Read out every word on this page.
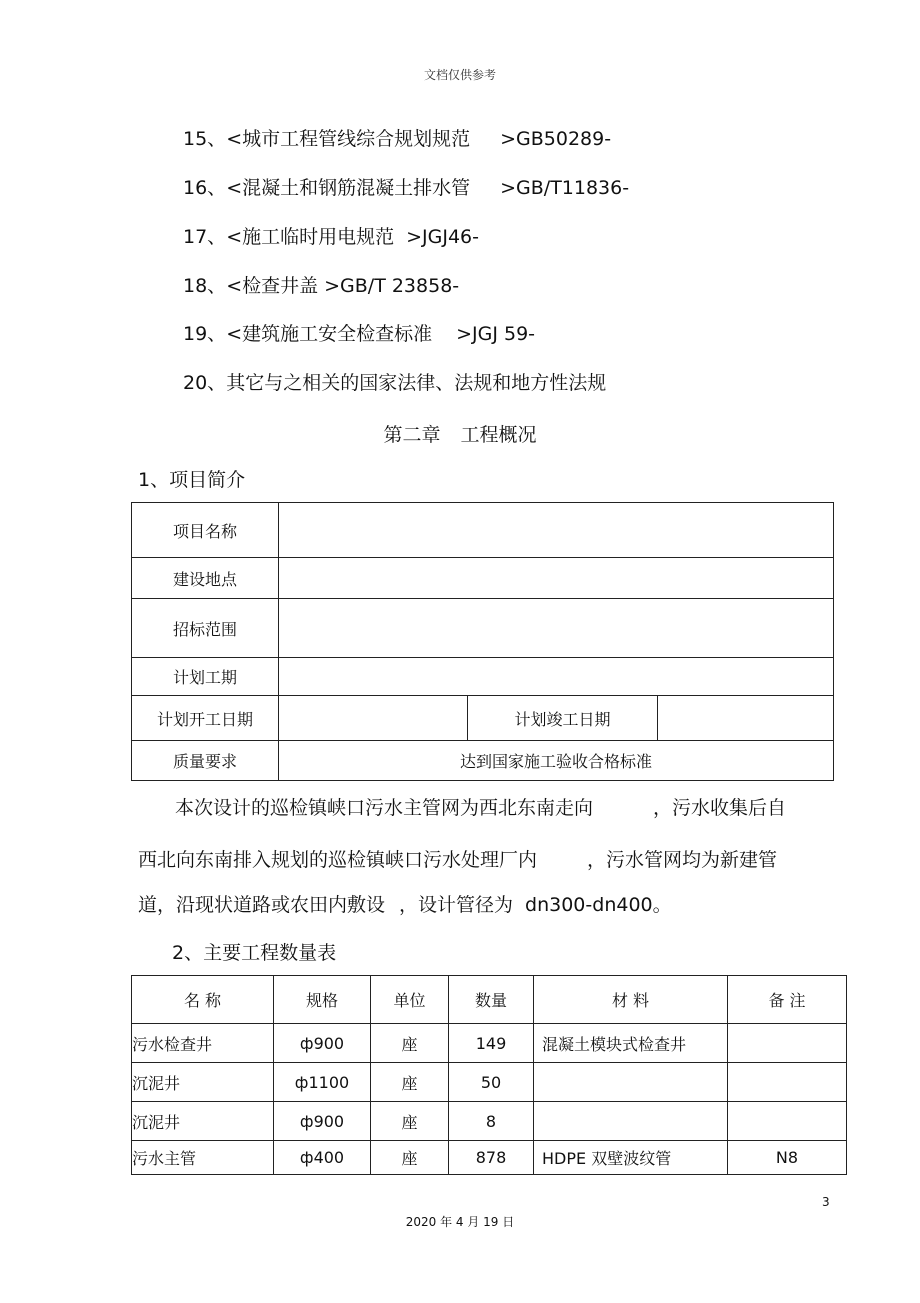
文档仅供参考
15、<城市工程管线综合规划规范 >GB50289-
16、<混凝土和钢筋混凝土排水管 >GB/T11836-
17、<施工临时用电规范 >JGJ46-
18、<检查井盖 >GB/T 23858-
19、<建筑施工安全检查标准 >JGJ 59-
20、其它与之相关的国家法律、法规和地方性法规
第二章 工程概况
1、项目简介
项目名称			
建设地点			
招标范围			
计划工期			
计划开工日期		计划竣工日期	
质量要求	达到国家施工验收合格标准		
本次设计的巡检镇峡口污水主管网为西北东南走向	，污水收集后自
西北向东南排入规划的巡检镇峡口污水处理厂内	，污水管网均为新建管
道，沿现状道路或农田内敷设 ，设计管径为 dn300-dn400。
2、主要工程数量表
名 称	规格	单位	数量	材 料	备 注
污水检查井	ф900	座	149	混凝土模块式检查井	
沉泥井	ф1100	座	50		
沉泥井	ф900	座	8		
污水主管	ф400	座	878	HDPE 双壁波纹管	N8
3
2020 年 4 月 19 日
